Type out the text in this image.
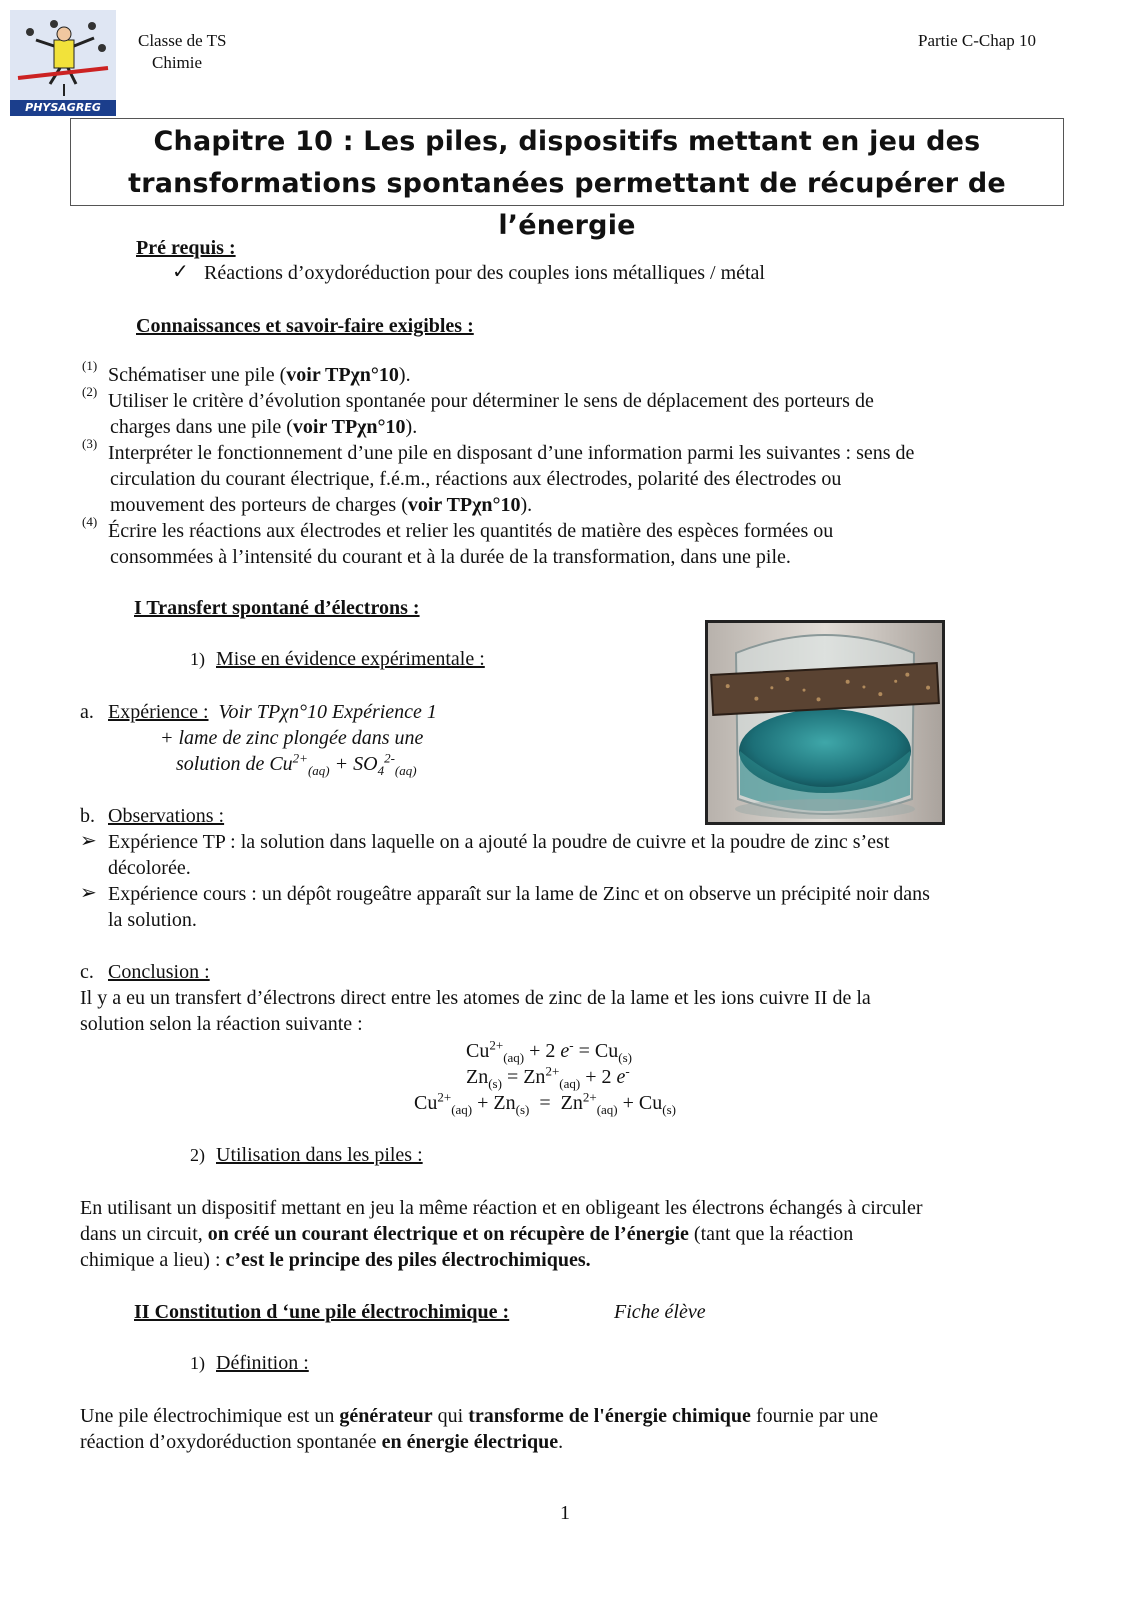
PHYSAGREG
Classe de TS
Chimie
Partie C-Chap 10
Chapitre 10 : Les piles, dispositifs mettant en jeu des
transformations spontanées permettant de récupérer de l’énergie
Pré requis :
✓ Réactions d’oxydoréduction pour des couples ions métalliques / métal
Connaissances et savoir-faire exigibles :
(1) Schématiser une pile (voir TPχn°10).
(2) Utiliser le critère d’évolution spontanée pour déterminer le sens de déplacement des porteurs de
charges dans une pile (voir TPχn°10).
(3) Interpréter le fonctionnement d’une pile en disposant d’une information parmi les suivantes : sens de
circulation du courant électrique, f.é.m., réactions aux électrodes, polarité des électrodes ou
mouvement des porteurs de charges (voir TPχn°10).
(4) Écrire les réactions aux électrodes et relier les quantités de matière des espèces formées ou
consommées à l’intensité du courant et à la durée de la transformation, dans une pile.
I Transfert spontané d’électrons :
1) Mise en évidence expérimentale :
a. Expérience : Voir TPχn°10 Expérience 1
+ lame de zinc plongée dans une
solution de $Cu^{2+}_{(aq)} + SO_4^{2-}_{(aq)}$
b. Observations :
➢ Expérience TP : la solution dans laquelle on a ajouté la poudre de cuivre et la poudre de zinc s’est
décolorée.
➢ Expérience cours : un dépôt rougeâtre apparaît sur la lame de Zinc et on observe un précipité noir dans
la solution.
c. Conclusion :
Il y a eu un transfert d’électrons direct entre les atomes de zinc de la lame et les ions cuivre II de la
solution selon la réaction suivante :
$Cu^{2+}_{(aq)} + 2$ $e^- = Cu_{(s)}$
$Zn_{(s)} = Zn^{2+}_{(aq)} + 2$ e-
$Cu^{2+}_{(aq)} + Zn_{(s)} = Zn^{2+}_{(aq)} + Cu_{(s)}$
2) Utilisation dans les piles :
En utilisant un dispositif mettant en jeu la même réaction et en obligeant les électrons échangés à circuler
dans un circuit, on créé un courant électrique et on récupère de l’énergie (tant que la réaction
chimique a lieu) : c’est le principe des piles électrochimiques.
II Constitution d ‘une pile électrochimique :	Fiche élève
1) Définition :
Une pile électrochimique est un générateur qui transforme de l'énergie chimique fournie par une
réaction d’oxydoréduction spontanée en énergie électrique.
1
